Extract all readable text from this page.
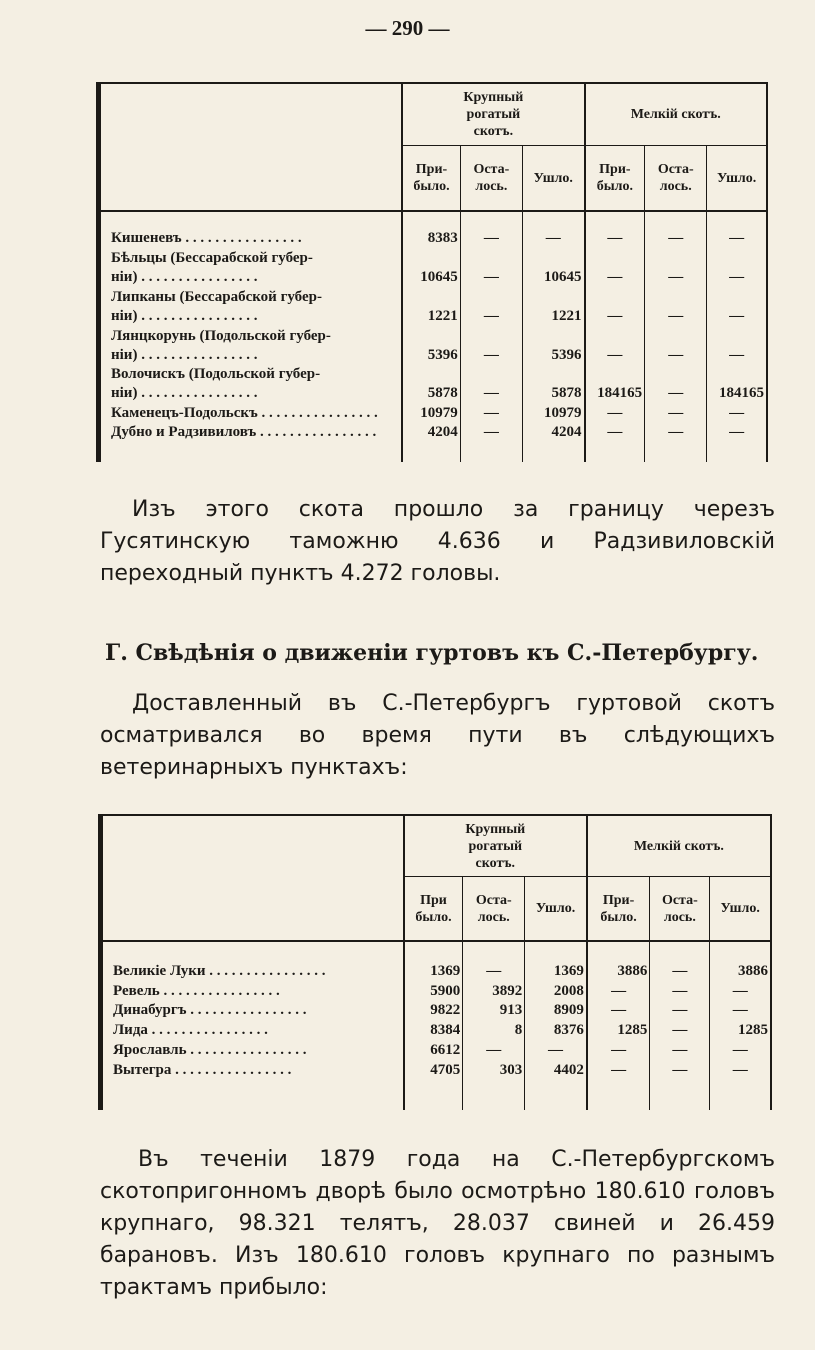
— 290 —
	Крупный рогатый скотъ.			Мелкій скотъ.		
	При-было.	Оста-лось.	Ушло.	При-было.	Оста-лось.	Ушло.

Кишеневъ . . .	8383	—	—	—	—	—

Бѣльцы (Бессарабской губер-
ніи) . . .	10645	—	10645	—	—	—

Липканы (Бессарабской губер-
ніи) . . .	1221	—	1221	—	—	—

Лянцкорунь (Подольской губер-
ніи) . . .	5396	—	5396	—	—	—

Волочискъ (Подольской губер-
ніи) . . .	5878	—	5878	184165	—	184165

Каменецъ-Подольскъ . . .	10979	—	10979	—	—	—

Дубно и Радзивиловъ . . .	4204	—	4204	—	—	—

Изъ этого скота прошло за границу черезъ Гусятинскую таможню 4.636 и Радзивиловскій переходный пунктъ 4.272 головы.
Г. Свѣдѣнія о движеніи гуртовъ къ С.-Петербургу.
Доставленный въ С.-Петербургъ гуртовой скотъ осматривался во время пути въ слѣдующихъ ветеринарныхъ пунктахъ:
	Крупный рогатый скотъ.			Мелкій скотъ.		
	При было.	Оста-лось.	Ушло.	При-было.	Оста-лось.	Ушло.

Великіе Луки . . .	1369	—	1369	3886	—	3886

Ревель . . .	5900	3892	2008	—	—	—

Динабургъ . . .	9822	913	8909	—	—	—

Лида . . .	8384	8	8376	1285	—	1285

Ярославль . . .	6612	—	—	—	—	—

Вытегра . . .	4705	303	4402	—	—	—

Въ теченіи 1879 года на С.-Петербургскомъ скотопригонномъ дворѣ было осмотрѣно 180.610 головъ крупнаго, 98.321 телятъ, 28.037 свиней и 26.459 барановъ. Изъ 180.610 головъ крупнаго по разнымъ трактамъ прибыло:
